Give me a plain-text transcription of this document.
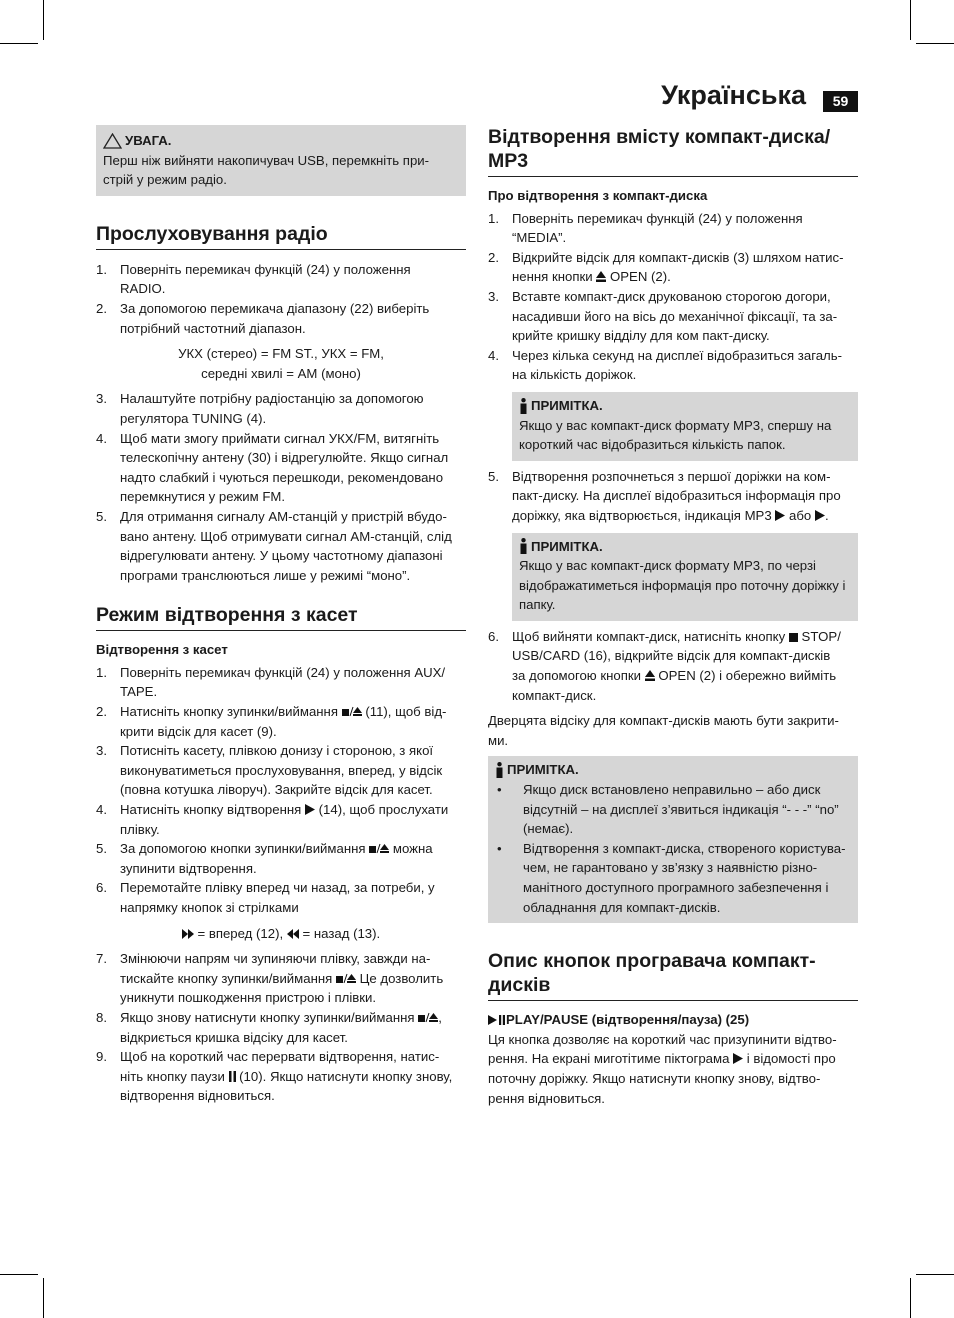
Українська	59
УВАГА.

Перш ніж вийняти накопичувач USB, перемкніть при-

стрій у режим радіо.

Прослуховування радіо
1. Поверніть перемикач функцій (24) у положення

RADIO.

2. За допомогою перемикача діапазону (22) виберіть

потрібний частотний діапазон.

УКХ (стерео) = FM ST., УКХ = FM,

середні хвилі = AM (моно)

3. Налаштуйте потрібну радіостанцію за допомогою

регулятора TUNING (4).

4. Щоб мати змогу приймати сигнал УКХ/FM, витягніть

телескопічну антену (30) і відрегулюйте. Якщо сигнал

надто слабкий і чуються перешкоди, рекомендовано

перемкнутися у режим FM.

5. Для отримання сигналу AM-станцій у пристрій вбудо-

вано антену. Щоб отримувати сигнал AM-станцій, слід

відрегулювати антену. У цьому частотному діапазоні

програми транслюються лише у режимі “моно”.

Режим відтворення з касет
Відтворення з касет
1. Поверніть перемикач функцій (24) у положення AUX/

TAPE.

2. Натисніть кнопку зупинки/виймання  (11), щоб від-

крити відсік для касет (9).

3. Потисніть касету, плівкою донизу і стороною, з якої

виконуватиметься прослуховування, вперед, у відсік

(повна котушка ліворуч). Закрийте відсік для касет.

4. Натисніть кнопку відтворення  (14), щоб прослухати

плівку.

5. За допомогою кнопки зупинки/виймання  можна

зупинити відтворення.

6. Перемотайте плівку вперед чи назад, за потреби, у

напрямку кнопок зі стрілками

= вперед (12),  = назад (13).
7. Змінюючи напрям чи зупиняючи плівку, завжди на-

тискайте кнопку зупинки/виймання  Це дозволить

уникнути пошкодження пристрою і плівки.

8. Якщо знову натиснути кнопку зупинки/виймання ,

відкриється кришка відсіку для касет.

9. Щоб на короткий час перервати відтворення, натис-

ніть кнопку паузи  (10). Якщо натиснути кнопку знову,

відтворення відновиться.

Відтворення вмісту компакт-диска/
MP3
Про відтворення з компакт-диска
1. Поверніть перемикач функцій (24) у положення

“MEDIA”.

2. Відкрийте відсік для компакт-дисків (3) шляхом натис-

нення кнопки  OPEN (2).

3. Вставте компакт-диск друкованою сторогою догори,

насадивши його на вісь до механічної фіксації, та за-

крийте кришку відділу для ком пакт-диску.

4. Через кілька секунд на дисплеї відобразиться загаль-

на кількість доріжок.

ПРИМІТКА.

Якщо у вас компакт-диск формату MP3, спершу на

короткий час відобразиться кількість папок.

5. Відтворення розпочнеться з першої доріжки на ком-

пакт-диску. На дисплеї відобразиться інформація про

доріжку, яка відтворюється, індикація MP3  або .

ПРИМІТКА.

Якщо у вас компакт-диск формату MP3, по черзі

відображатиметься інформація про поточну доріжку і

папку.

6. Щоб вийняти компакт-диск, натисніть кнопку  STOP/

USB/CARD (16), відкрийте відсік для компакт-дисків

за допомогою кнопки  OPEN (2) і обережно вийміть

компакт-диск.

Дверцята відсіку для компакт-дисків мають бути закрити-

ми.

ПРИМІТКА.
•	Якщо диск встановлено неправильно – або диск

відсутній – на дисплеї з’явиться індикація “- - -” “no”

(немає).

•	Відтворення з компакт-диска, створеного користува-

чем, не гарантовано у зв’язку з наявністю різно-

манітного доступного програмного забезпечення і

обладнання для компакт-дисків.

Опис кнопок програвача компакт-
дисків
PLAY/PAUSE (відтворення/пауза) (25)

Ця кнопка дозволяє на короткий час призупинити відтво-

рення. На екрані миготітиме піктограма  і відомості про

поточну доріжку. Якщо натиснути кнопку знову, відтво-

рення відновиться.
